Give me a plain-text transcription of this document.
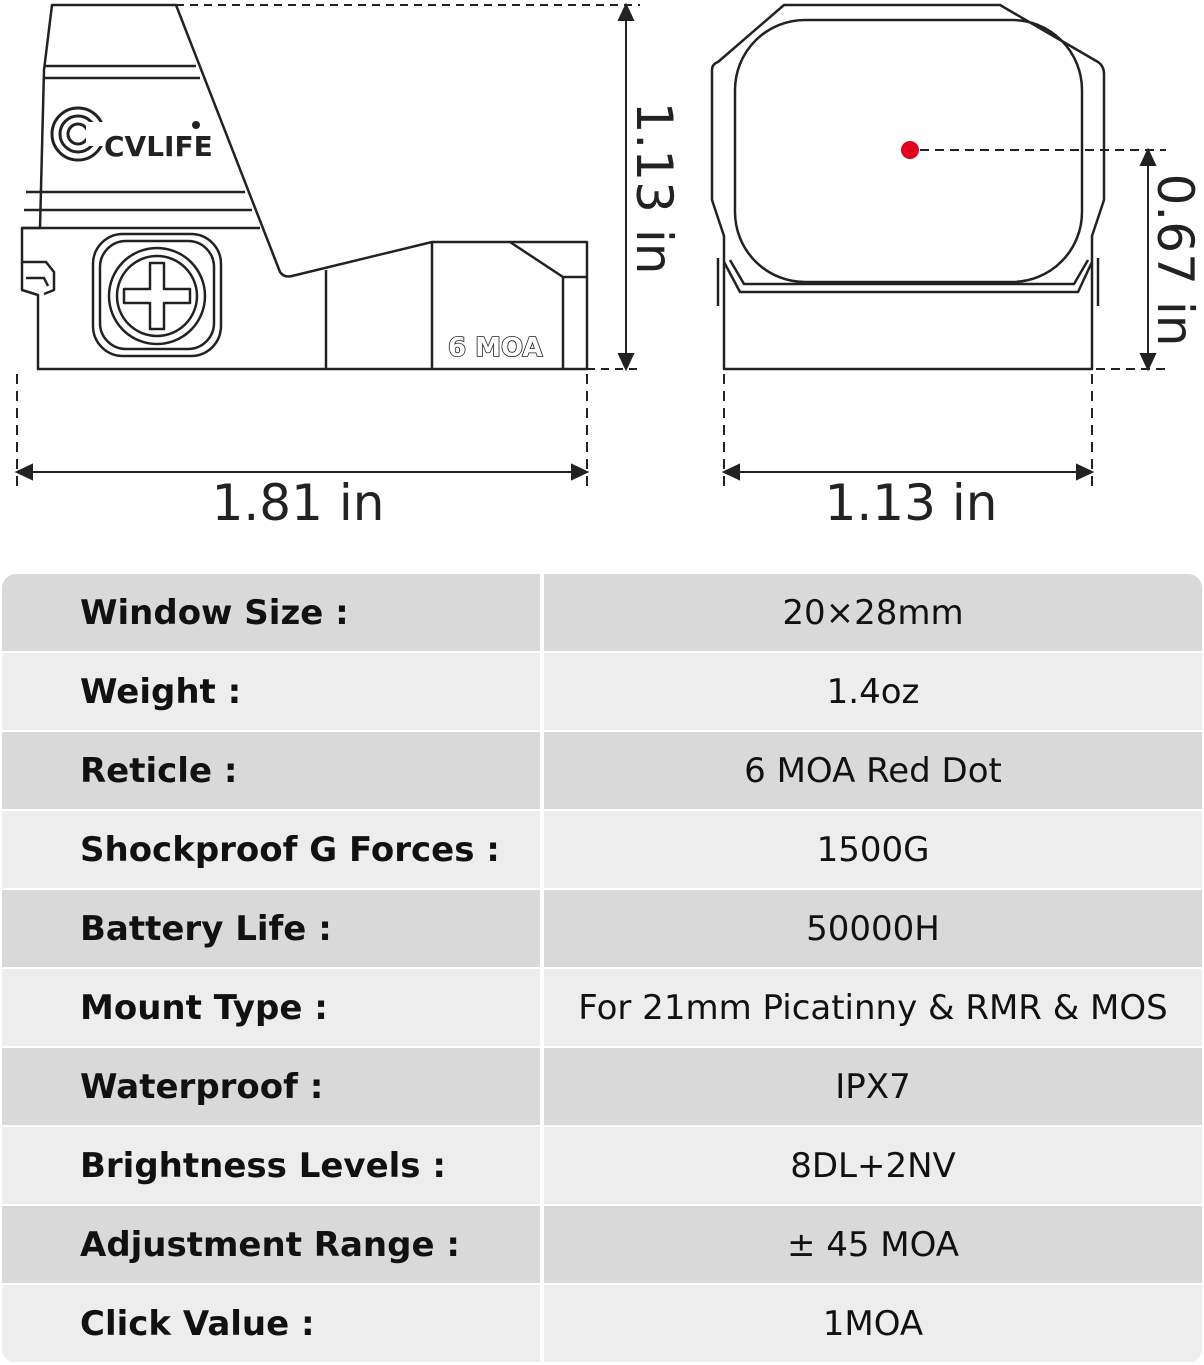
CVLIFE
6 MOA
1.81 in
1.13 in
1.13 in
0.67 in
Window Size :	20×28mm
Weight :	1.4oz
Reticle :	6 MOA Red Dot
Shockproof G Forces :	1500G
Battery Life :	50000H
Mount Type :	For 21mm Picatinny & RMR & MOS
Waterproof :	IPX7
Brightness Levels :	8DL+2NV
Adjustment Range :	± 45 MOA
Click Value :	1MOA
